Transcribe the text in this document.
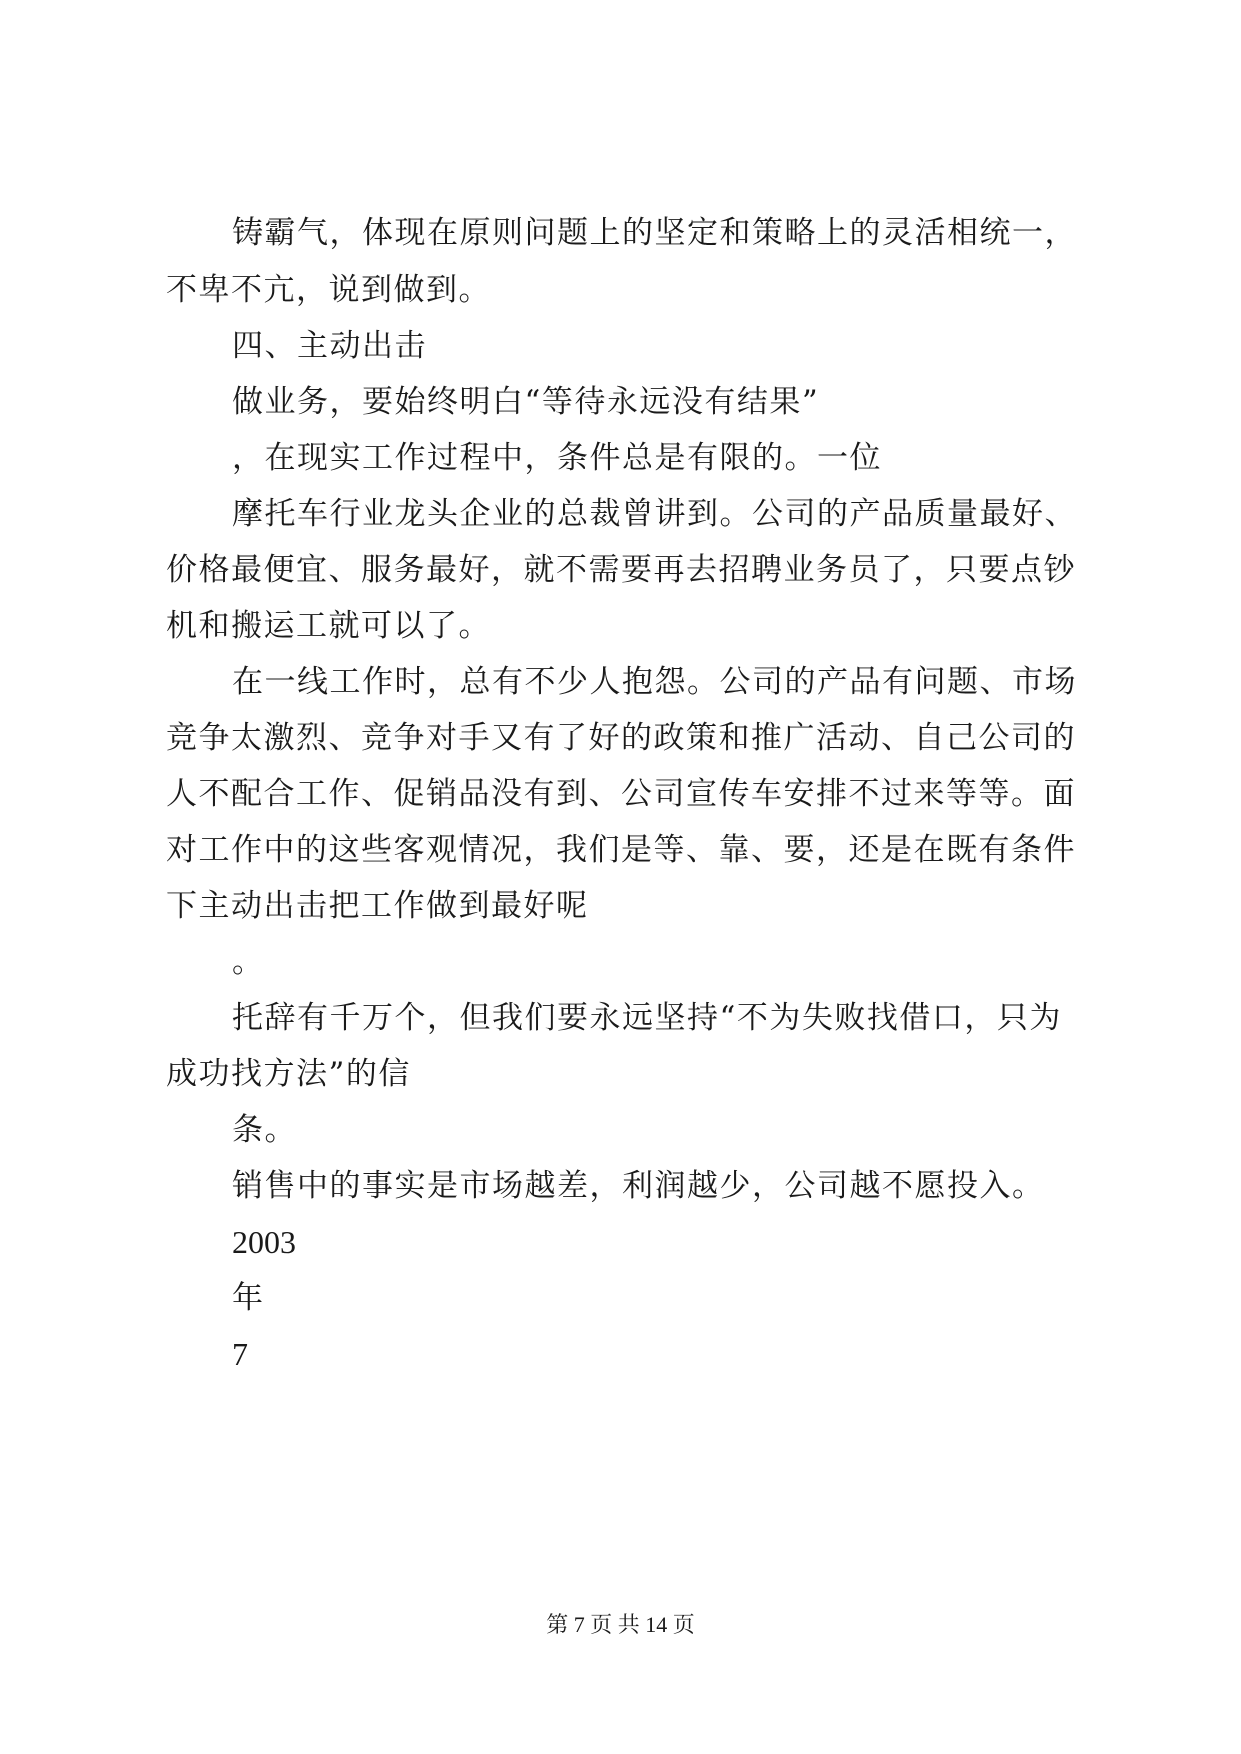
铸霸气，体现在原则问题上的坚定和策略上的灵活相统一，
不卑不亢，说到做到。
四、主动出击
做业务，要始终明白“等待永远没有结果”
，在现实工作过程中，条件总是有限的。一位
摩托车行业龙头企业的总裁曾讲到。公司的产品质量最好、
价格最便宜、服务最好，就不需要再去招聘业务员了，只要点钞
机和搬运工就可以了。
在一线工作时，总有不少人抱怨。公司的产品有问题、市场
竞争太激烈、竞争对手又有了好的政策和推广活动、自己公司的
人不配合工作、促销品没有到、公司宣传车安排不过来等等。面
对工作中的这些客观情况，我们是等、靠、要，还是在既有条件
下主动出击把工作做到最好呢
。
托辞有千万个，但我们要永远坚持“不为失败找借口，只为
成功找方法”的信
条。
销售中的事实是市场越差，利润越少，公司越不愿投入。
2003
年
7
第 7 页 共 14 页
